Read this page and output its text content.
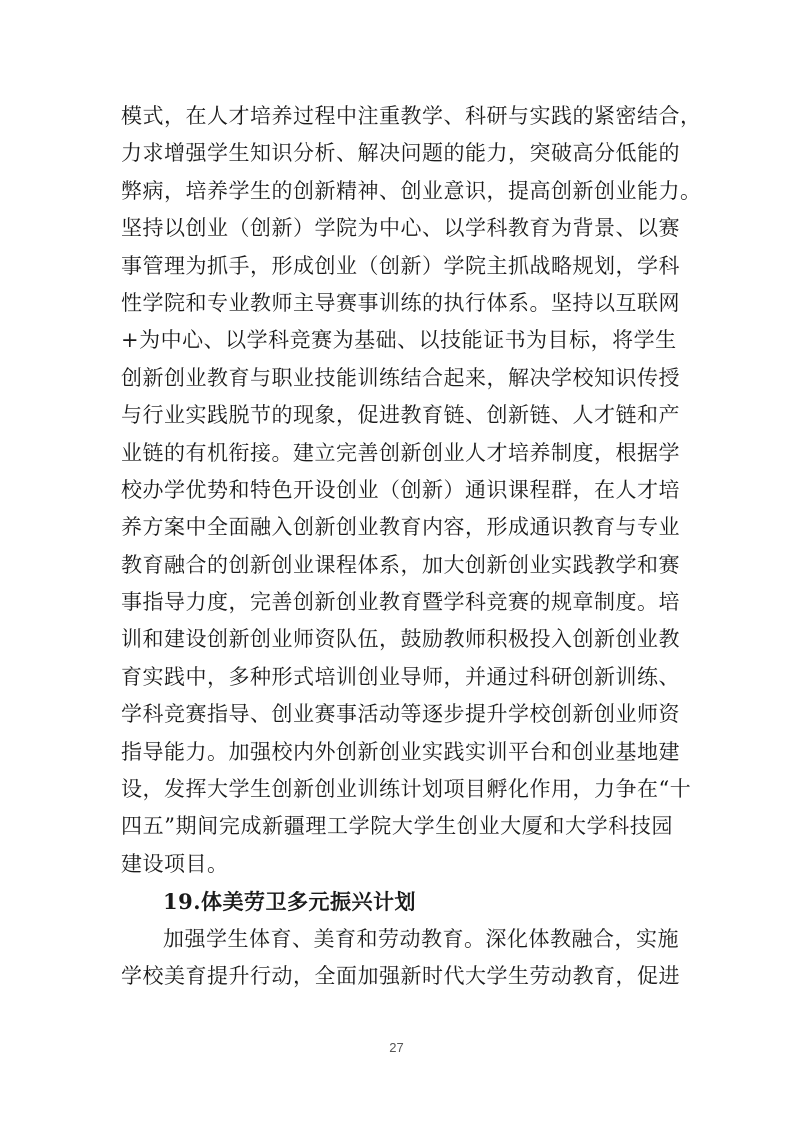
模式，在人才培养过程中注重教学、科研与实践的紧密结合，
力求增强学生知识分析、解决问题的能力，突破高分低能的
弊病，培养学生的创新精神、创业意识，提高创新创业能力。
坚持以创业（创新）学院为中心、以学科教育为背景、以赛
事管理为抓手，形成创业（创新）学院主抓战略规划，学科
性学院和专业教师主导赛事训练的执行体系。坚持以互联网
+为中心、以学科竞赛为基础、以技能证书为目标，将学生
创新创业教育与职业技能训练结合起来，解决学校知识传授
与行业实践脱节的现象，促进教育链、创新链、人才链和产
业链的有机衔接。建立完善创新创业人才培养制度，根据学
校办学优势和特色开设创业（创新）通识课程群，在人才培
养方案中全面融入创新创业教育内容，形成通识教育与专业
教育融合的创新创业课程体系，加大创新创业实践教学和赛
事指导力度，完善创新创业教育暨学科竞赛的规章制度。培
训和建设创新创业师资队伍，鼓励教师积极投入创新创业教
育实践中，多种形式培训创业导师，并通过科研创新训练、
学科竞赛指导、创业赛事活动等逐步提升学校创新创业师资
指导能力。加强校内外创新创业实践实训平台和创业基地建
设，发挥大学生创新创业训练计划项目孵化作用，力争在“十
四五”期间完成新疆理工学院大学生创业大厦和大学科技园
建设项目。
19.体美劳卫多元振兴计划
加强学生体育、美育和劳动教育。深化体教融合，实施
学校美育提升行动，全面加强新时代大学生劳动教育，促进
27
